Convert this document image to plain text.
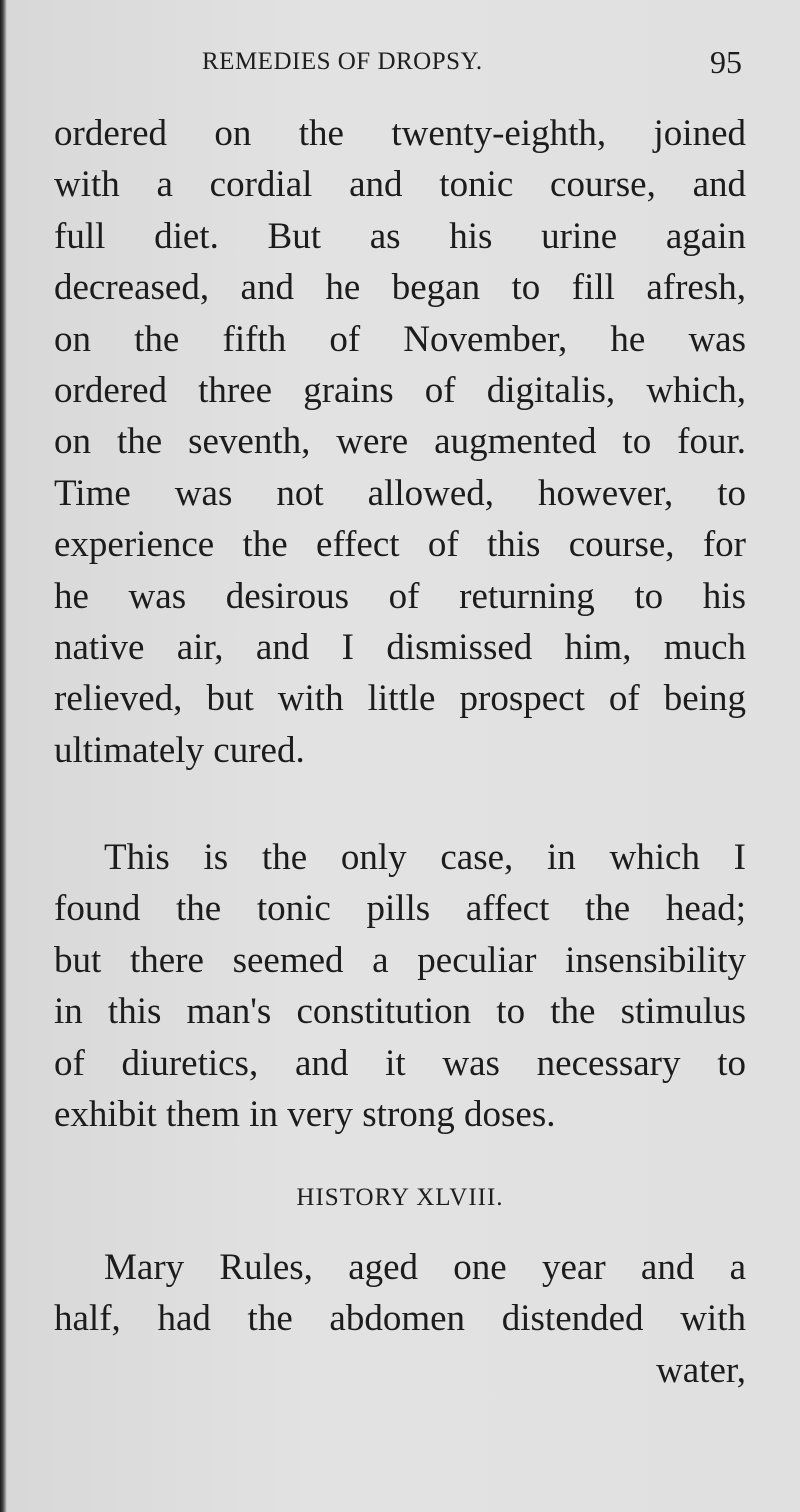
REMEDIES OF DROPSY.	95
ordered on the twenty-eighth, joined
with a cordial and tonic course, and
full diet. But as his urine again
decreased, and he began to fill afresh,
on the fifth of November, he was
ordered three grains of digitalis, which,
on the seventh, were augmented to four.
Time was not allowed, however, to
experience the effect of this course, for
he was desirous of returning to his
native air, and I dismissed him, much
relieved, but with little prospect of being
ultimately cured.
This is the only case, in which I
found the tonic pills affect the head;
but there seemed a peculiar insensibility
in this man's constitution to the stimulus
of diuretics, and it was necessary to
exhibit them in very strong doses.
HISTORY XLVIII.
Mary Rules, aged one year and a
half, had the abdomen distended with
water,
